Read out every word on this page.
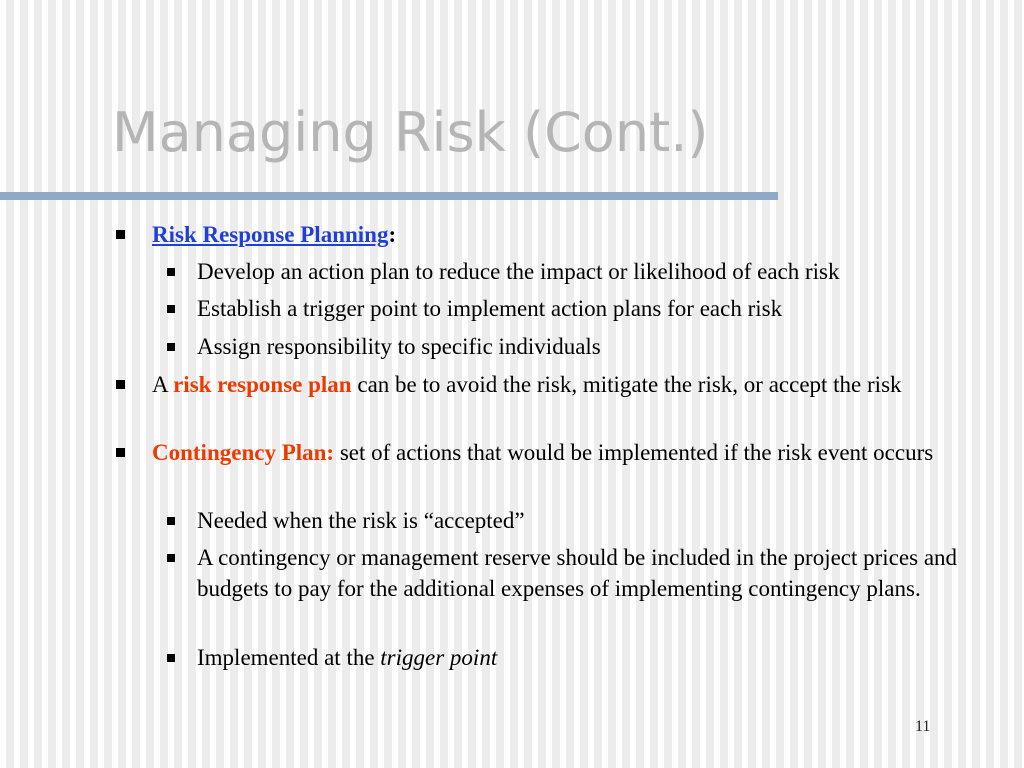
Managing Risk (Cont.)
Risk Response Planning:
Develop an action plan to reduce the impact or likelihood of each risk
Establish a trigger point to implement action plans for each risk
Assign responsibility to specific individuals
A risk response plan can be to avoid the risk, mitigate the risk, or accept the risk
Contingency Plan: set of actions that would be implemented if the risk event occurs
Needed when the risk is “accepted”
A contingency or management reserve should be included in the project prices and budgets to pay for the additional expenses of implementing contingency plans.
Implemented at the trigger point
11
